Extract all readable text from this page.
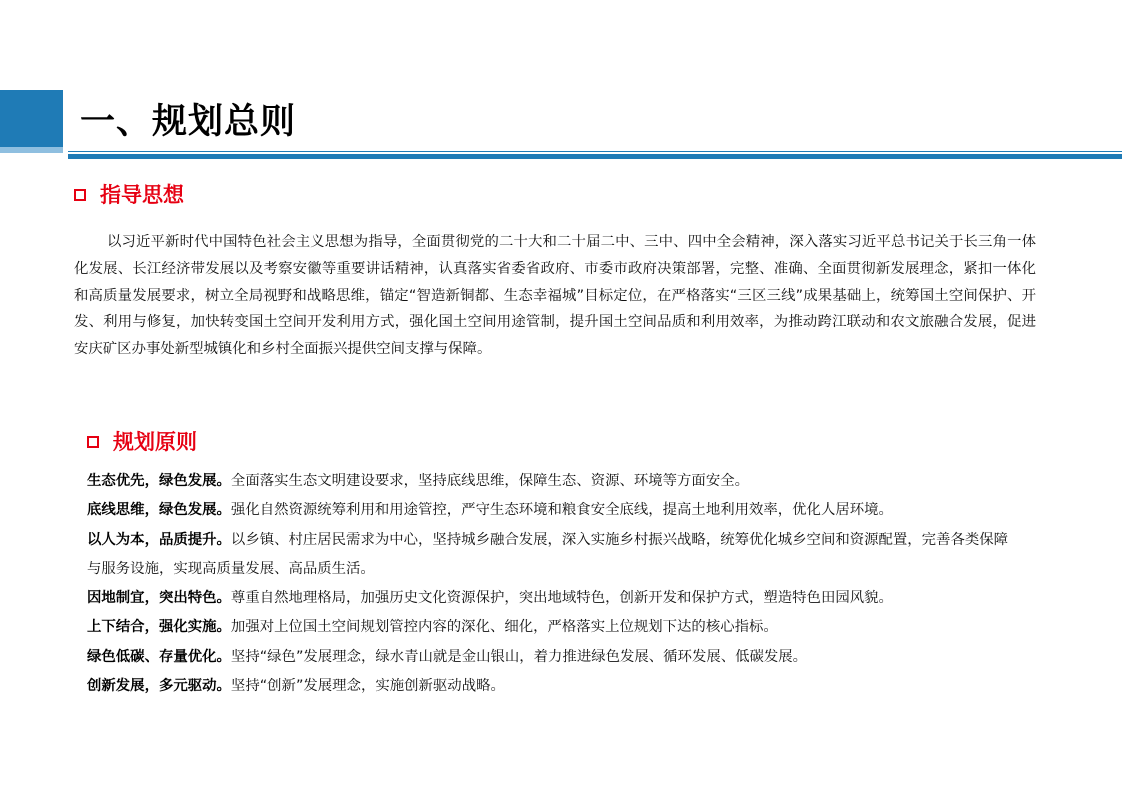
一、规划总则
指导思想

以习近平新时代中国特色社会主义思想为指导，全面贯彻党的二十大和二十届二中、三中、四中全会精神，深入落实习近平总书记关于长三角一体化发展、长江经济带发展以及考察安徽等重要讲话精神，认真落实省委省政府、市委市政府决策部署，完整、准确、全面贯彻新发展理念，紧扣一体化和高质量发展要求，树立全局视野和战略思维，锚定“智造新铜都、生态幸福城”目标定位，在严格落实“三区三线”成果基础上，统筹国土空间保护、开发、利用与修复，加快转变国土空间开发利用方式，强化国土空间用途管制，提升国土空间品质和利用效率，为推动跨江联动和农文旅融合发展，促进安庆矿区办事处新型城镇化和乡村全面振兴提供空间支撑与保障。

规划原则
生态优先，绿色发展。全面落实生态文明建设要求，坚持底线思维，保障生态、资源、环境等方面安全。
底线思维，绿色发展。强化自然资源统筹利用和用途管控，严守生态环境和粮食安全底线，提高土地利用效率，优化人居环境。
以人为本，品质提升。以乡镇、村庄居民需求为中心，坚持城乡融合发展，深入实施乡村振兴战略，统筹优化城乡空间和资源配置，完善各类保障与服务设施，实现高质量发展、高品质生活。
因地制宜，突出特色。尊重自然地理格局，加强历史文化资源保护，突出地域特色，创新开发和保护方式，塑造特色田园风貌。
上下结合，强化实施。加强对上位国土空间规划管控内容的深化、细化，严格落实上位规划下达的核心指标。
绿色低碳、存量优化。坚持“绿色”发展理念，绿水青山就是金山银山，着力推进绿色发展、循环发展、低碳发展。
创新发展，多元驱动。坚持“创新”发展理念，实施创新驱动战略。
